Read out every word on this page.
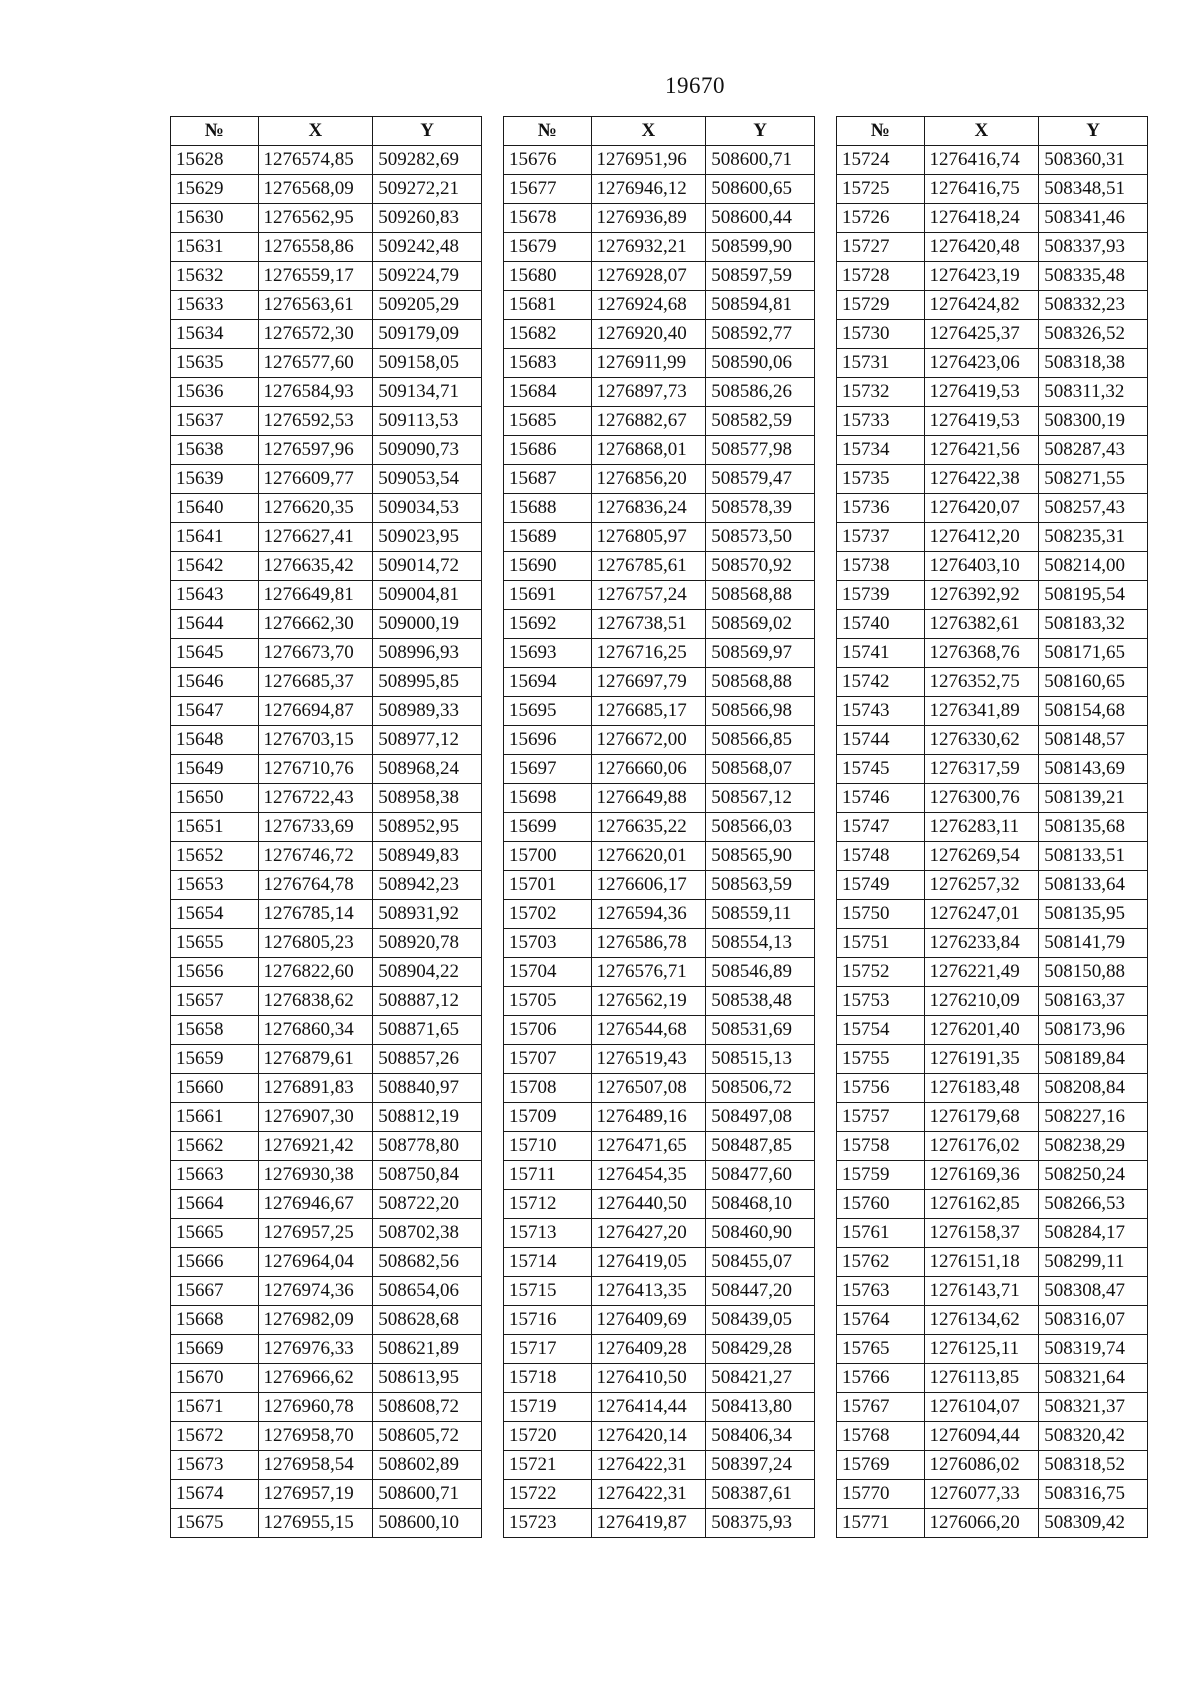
19670
№	X	Y
15628	1276574,85	509282,69
15629	1276568,09	509272,21
15630	1276562,95	509260,83
15631	1276558,86	509242,48
15632	1276559,17	509224,79
15633	1276563,61	509205,29
15634	1276572,30	509179,09
15635	1276577,60	509158,05
15636	1276584,93	509134,71
15637	1276592,53	509113,53
15638	1276597,96	509090,73
15639	1276609,77	509053,54
15640	1276620,35	509034,53
15641	1276627,41	509023,95
15642	1276635,42	509014,72
15643	1276649,81	509004,81
15644	1276662,30	509000,19
15645	1276673,70	508996,93
15646	1276685,37	508995,85
15647	1276694,87	508989,33
15648	1276703,15	508977,12
15649	1276710,76	508968,24
15650	1276722,43	508958,38
15651	1276733,69	508952,95
15652	1276746,72	508949,83
15653	1276764,78	508942,23
15654	1276785,14	508931,92
15655	1276805,23	508920,78
15656	1276822,60	508904,22
15657	1276838,62	508887,12
15658	1276860,34	508871,65
15659	1276879,61	508857,26
15660	1276891,83	508840,97
15661	1276907,30	508812,19
15662	1276921,42	508778,80
15663	1276930,38	508750,84
15664	1276946,67	508722,20
15665	1276957,25	508702,38
15666	1276964,04	508682,56
15667	1276974,36	508654,06
15668	1276982,09	508628,68
15669	1276976,33	508621,89
15670	1276966,62	508613,95
15671	1276960,78	508608,72
15672	1276958,70	508605,72
15673	1276958,54	508602,89
15674	1276957,19	508600,71
15675	1276955,15	508600,10
№	X	Y
15676	1276951,96	508600,71
15677	1276946,12	508600,65
15678	1276936,89	508600,44
15679	1276932,21	508599,90
15680	1276928,07	508597,59
15681	1276924,68	508594,81
15682	1276920,40	508592,77
15683	1276911,99	508590,06
15684	1276897,73	508586,26
15685	1276882,67	508582,59
15686	1276868,01	508577,98
15687	1276856,20	508579,47
15688	1276836,24	508578,39
15689	1276805,97	508573,50
15690	1276785,61	508570,92
15691	1276757,24	508568,88
15692	1276738,51	508569,02
15693	1276716,25	508569,97
15694	1276697,79	508568,88
15695	1276685,17	508566,98
15696	1276672,00	508566,85
15697	1276660,06	508568,07
15698	1276649,88	508567,12
15699	1276635,22	508566,03
15700	1276620,01	508565,90
15701	1276606,17	508563,59
15702	1276594,36	508559,11
15703	1276586,78	508554,13
15704	1276576,71	508546,89
15705	1276562,19	508538,48
15706	1276544,68	508531,69
15707	1276519,43	508515,13
15708	1276507,08	508506,72
15709	1276489,16	508497,08
15710	1276471,65	508487,85
15711	1276454,35	508477,60
15712	1276440,50	508468,10
15713	1276427,20	508460,90
15714	1276419,05	508455,07
15715	1276413,35	508447,20
15716	1276409,69	508439,05
15717	1276409,28	508429,28
15718	1276410,50	508421,27
15719	1276414,44	508413,80
15720	1276420,14	508406,34
15721	1276422,31	508397,24
15722	1276422,31	508387,61
15723	1276419,87	508375,93
№	X	Y
15724	1276416,74	508360,31
15725	1276416,75	508348,51
15726	1276418,24	508341,46
15727	1276420,48	508337,93
15728	1276423,19	508335,48
15729	1276424,82	508332,23
15730	1276425,37	508326,52
15731	1276423,06	508318,38
15732	1276419,53	508311,32
15733	1276419,53	508300,19
15734	1276421,56	508287,43
15735	1276422,38	508271,55
15736	1276420,07	508257,43
15737	1276412,20	508235,31
15738	1276403,10	508214,00
15739	1276392,92	508195,54
15740	1276382,61	508183,32
15741	1276368,76	508171,65
15742	1276352,75	508160,65
15743	1276341,89	508154,68
15744	1276330,62	508148,57
15745	1276317,59	508143,69
15746	1276300,76	508139,21
15747	1276283,11	508135,68
15748	1276269,54	508133,51
15749	1276257,32	508133,64
15750	1276247,01	508135,95
15751	1276233,84	508141,79
15752	1276221,49	508150,88
15753	1276210,09	508163,37
15754	1276201,40	508173,96
15755	1276191,35	508189,84
15756	1276183,48	508208,84
15757	1276179,68	508227,16
15758	1276176,02	508238,29
15759	1276169,36	508250,24
15760	1276162,85	508266,53
15761	1276158,37	508284,17
15762	1276151,18	508299,11
15763	1276143,71	508308,47
15764	1276134,62	508316,07
15765	1276125,11	508319,74
15766	1276113,85	508321,64
15767	1276104,07	508321,37
15768	1276094,44	508320,42
15769	1276086,02	508318,52
15770	1276077,33	508316,75
15771	1276066,20	508309,42
